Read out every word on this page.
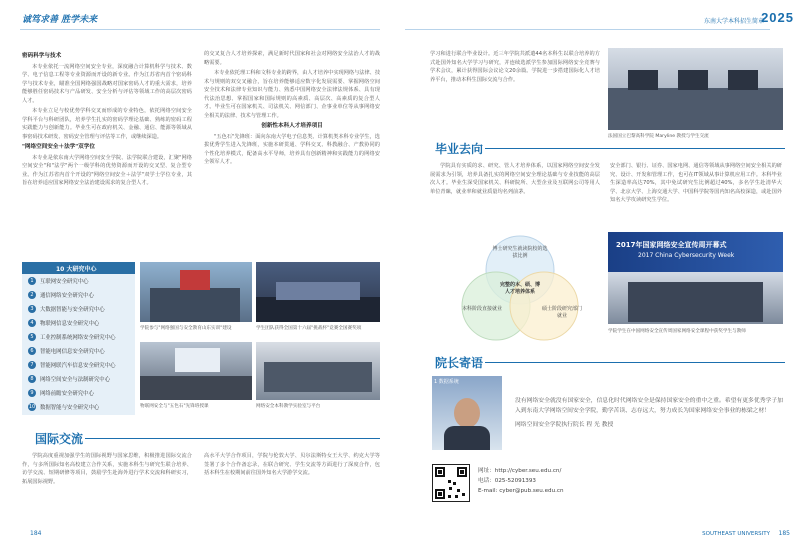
诚笃求善 胜学未来
密码科学与技术

本专业依托一流网络空间安全专业，深度融合计算机科学与技术、数学、电子信息工程等专业资源而开设的新专业。作为江苏省内首个密码科学与技术专业，瞄准全国网络强国战略对国家密码人才的重大需求，培养能够胜任密码技术与产品研发、安全分析与评估等领域工作的高层次密码人才。

本专业立足与校优势学科交叉而形成的专业特色，依托网络空间安全学科平台与科研团队，培养学生扎实的密码学理论基础、熟练的密码工程实践能力与创新能力。毕业生可在政府机关、金融、通信、能源等领域从事密码技术研发、密码安全管理与评估等工作，或继续深造。

"网络空间安全＋法学"双学位

本专业是依东南大学网络空间安全学院、法学院联合建设，汇聚"网络空间安全"和"法学"两个一级学科的优势资源而开设的交叉型、复合型专业。作为江苏省内首个开设的"网络空间安全＋法学"双学士学位专业，其旨在培养适应国家网络安全法治建设需求的复合型人才。

的交叉复合人才培养探索，满足新时代国家和社会对网络安全法治人才的战略需要。

本专业依托理工科和文科专业的跨界，由人才培养中实现网络与法律、技术与规则的双交叉融合，旨在培养能够适应数字化发展需要、掌握网络空间安全技术和法律专业知识与能力、熟悉中国网络安全法律法规体系、具有现代法治思想、掌握国家和国际规则的高素质、高层次、高素质的复合型人才。毕业生可在国家机关、司法机关、网信部门、企事业单位等从事网络安全相关的法律、技术与管理工作。

创新性本科人才培养项目

"五色石"先锋班：面向东南大学电子信息类、计算机类本科专业学生，选拔优秀学生进入先锋班，实施本研贯通、学科交叉、科教融合、产教协同的个性化培养模式，配备高水平导师，培养具有创新精神和实践能力的网络安全领军人才。

10 大研究中心
1	互联网安全研究中心
2	通信网络安全研究中心
3	大数据智能与安全研究中心
4	物联网信息安全研究中心
5	工业控制系统网络安全研究中心
6	智能电网信息安全研究中心
7	智能网联汽车信息安全研究中心
8	网络空间安全与法制研究中心
9	网络前瞻安全研究中心
10 数据智能与安全研究中心
学院参与"网络强国与安全教育山东实训"建设	学生团队获得全国第十六届"挑战杯"竞赛全国赛奖项
物联网安全与"五色石"先锋班授课	网络安全本科教学实验室与平台
国际交流

学院高度重视加强学生的国际视野与国家思维，积极推进国际交流合作，与多所国际知名高校建立合作关系，实施本科生与研究生联合培养、访学交流、短期研修等项目，鼓励学生赴海外进行学术交流和科研实习，拓展国际视野。

高水平大学合作项目，学院与伦敦大学、贝尔法斯特女王大学、约克大学等签署了多个合作备忘录，在联合研究、学生交流等方面进行了深度合作，包括本科生在校期间前往国外知名大学游学交流。

184
东南大学本科招生简章
2025

学习和进行联合毕业设计。近三年学院共派遣44名本科生以联合培养的方式赴国外知名大学学习与研究，并连续选派学生参加国际网络安全竞赛与学术会议，累计获得国际会议论文20余篇。学院进一步搭建国际化人才培养平台，推动本科生国际交流与合作。

法国国立巴黎高科学院 Maryline 教授与学生交流
毕业去向

学院具有实质的求、研究、管人才培养体系，以国家网络空间安全发展需求为引领，培养具备扎实的网络空间安全理论基础与专业技能的高层次人才。毕业生深受国家机关、科研院所、大型企业及互联网公司等用人单位青睐，就业率和就业质量均名列前茅。

安全部门、银行、证券、国家电网、通信等领域从事网络空间安全相关的研究、设计、开发和管理工作，也可在IT领域从事计算机应用工作。本科毕业生深造率高达70%，其中免试研究生比例超过40%，多名学生赴清华大学、北京大学、上海交通大学、中国科学院等国内知名高校深造，或赴国外知名大学攻读研究生学位。

博士研究生就读院校的选拔比例
本科阶段直接就业	硕士阶段研究部门就业
完整的本、硕、博人才培养体系
2017年国家网络安全宣传周开幕式
2017 China Cybersecurity Week
学院学生在中国网络安全宣传周国家网络安全课程中获奖学生与教师
院长寄语
1 数据系统

没有网络安全就没有国家安全，信息化时代网络安全是保持国家安全的重中之重。希望有更多优秀学子加入到东南大学网络空间安全学院，勤学苦读、志存远大，努力成长为国家网络安全事业的栋梁之材！

网络空间安全学院执行院长 程 光 教授

网址：http://cyber.seu.edu.cn/
电话：025-52091393
E-mail: cyber@pub.seu.edu.cn
SOUTHEAST UNIVERSITY 185
